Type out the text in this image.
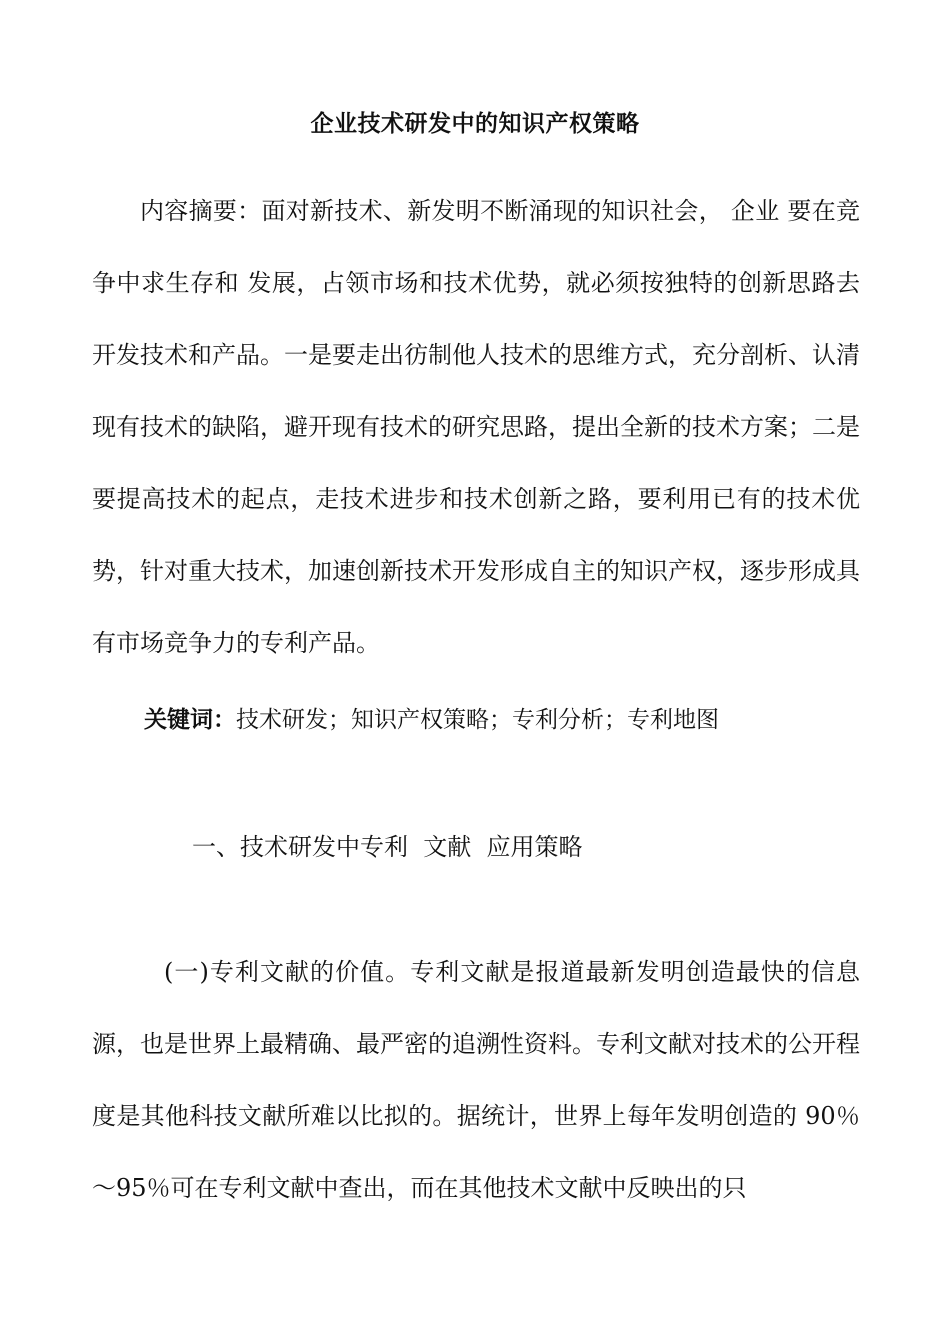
企业技术研发中的知识产权策略
内容摘要：面对新技术、新发明不断涌现的知识社会， 企业 要在竞争中求生存和 发展，占领市场和技术优势，就必须按独特的创新思路去开发技术和产品。一是要走出彷制他人技术的思维方式，充分剖析、认清现有技术的缺陷，避开现有技术的研究思路，提出全新的技术方案；二是要提高技术的起点，走技术进步和技术创新之路，要利用已有的技术优势，针对重大技术，加速创新技术开发形成自主的知识产权，逐步形成具有市场竞争力的专利产品。
关键词：技术研发；知识产权策略；专利分析；专利地图
一、技术研发中专利  文献  应用策略
(一)专利文献的价值。专利文献是报道最新发明创造最快的信息源，也是世界上最精确、最严密的追溯性资料。专利文献对技术的公开程度是其他科技文献所难以比拟的。据统计，世界上每年发明创造的 90％～95％可在专利文献中查出，而在其他技术文献中反映出的只
